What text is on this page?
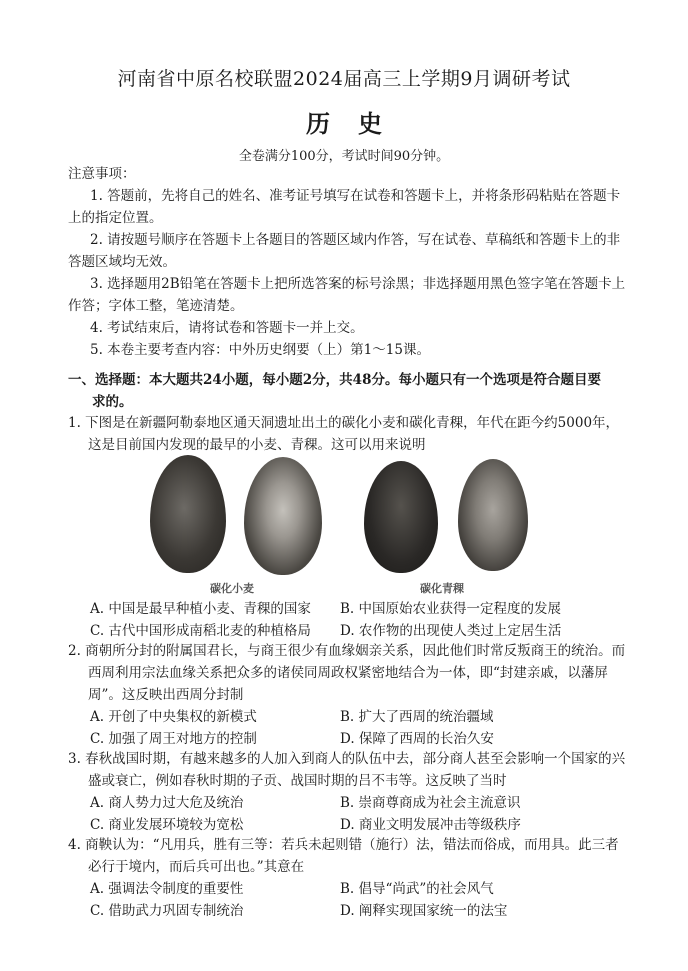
河南省中原名校联盟2024届高三上学期9月调研考试
历史
全卷满分100分，考试时间90分钟。

注意事项：

1. 答题前，先将自己的姓名、准考证号填写在试卷和答题卡上，并将条形码粘贴在答题卡上的指定位置。

2. 请按题号顺序在答题卡上各题目的答题区域内作答，写在试卷、草稿纸和答题卡上的非答题区域均无效。

3. 选择题用2B铅笔在答题卡上把所选答案的标号涂黑；非选择题用黑色签字笔在答题卡上作答；字体工整，笔迹清楚。

4. 考试结束后，请将试卷和答题卡一并上交。

5. 本卷主要考查内容：中外历史纲要（上）第1～15课。

一、选择题：本大题共24小题，每小题2分，共48分。每小题只有一个选项是符合题目要
求的。

1. 下图是在新疆阿勒泰地区通天洞遗址出土的碳化小麦和碳化青稞，年代在距今约5000年，这是目前国内发现的最早的小麦、青稞。这可以用来说明

碳化小麦	碳化青稞
A. 中国是最早种植小麦、青稞的国家	B. 中国原始农业获得一定程度的发展
C. 古代中国形成南稻北麦的种植格局	D. 农作物的出现使人类过上定居生活

2. 商朝所分封的附属国君长，与商王很少有血缘姻亲关系，因此他们时常反叛商王的统治。而西周利用宗法血缘关系把众多的诸侯同周政权紧密地结合为一体，即“封建亲戚，以藩屏周”。这反映出西周分封制

A. 开创了中央集权的新模式	B. 扩大了西周的统治疆域
C. 加强了周王对地方的控制	D. 保障了西周的长治久安

3. 春秋战国时期，有越来越多的人加入到商人的队伍中去，部分商人甚至会影响一个国家的兴盛或衰亡，例如春秋时期的子贡、战国时期的吕不韦等。这反映了当时

A. 商人势力过大危及统治	B. 崇商尊商成为社会主流意识
C. 商业发展环境较为宽松	D. 商业文明发展冲击等级秩序

4. 商鞅认为：“凡用兵，胜有三等：若兵未起则错（施行）法，错法而俗成，而用具。此三者必行于境内，而后兵可出也。”其意在

A. 强调法令制度的重要性	B. 倡导“尚武”的社会风气
C. 借助武力巩固专制统治	D. 阐释实现国家统一的法宝
